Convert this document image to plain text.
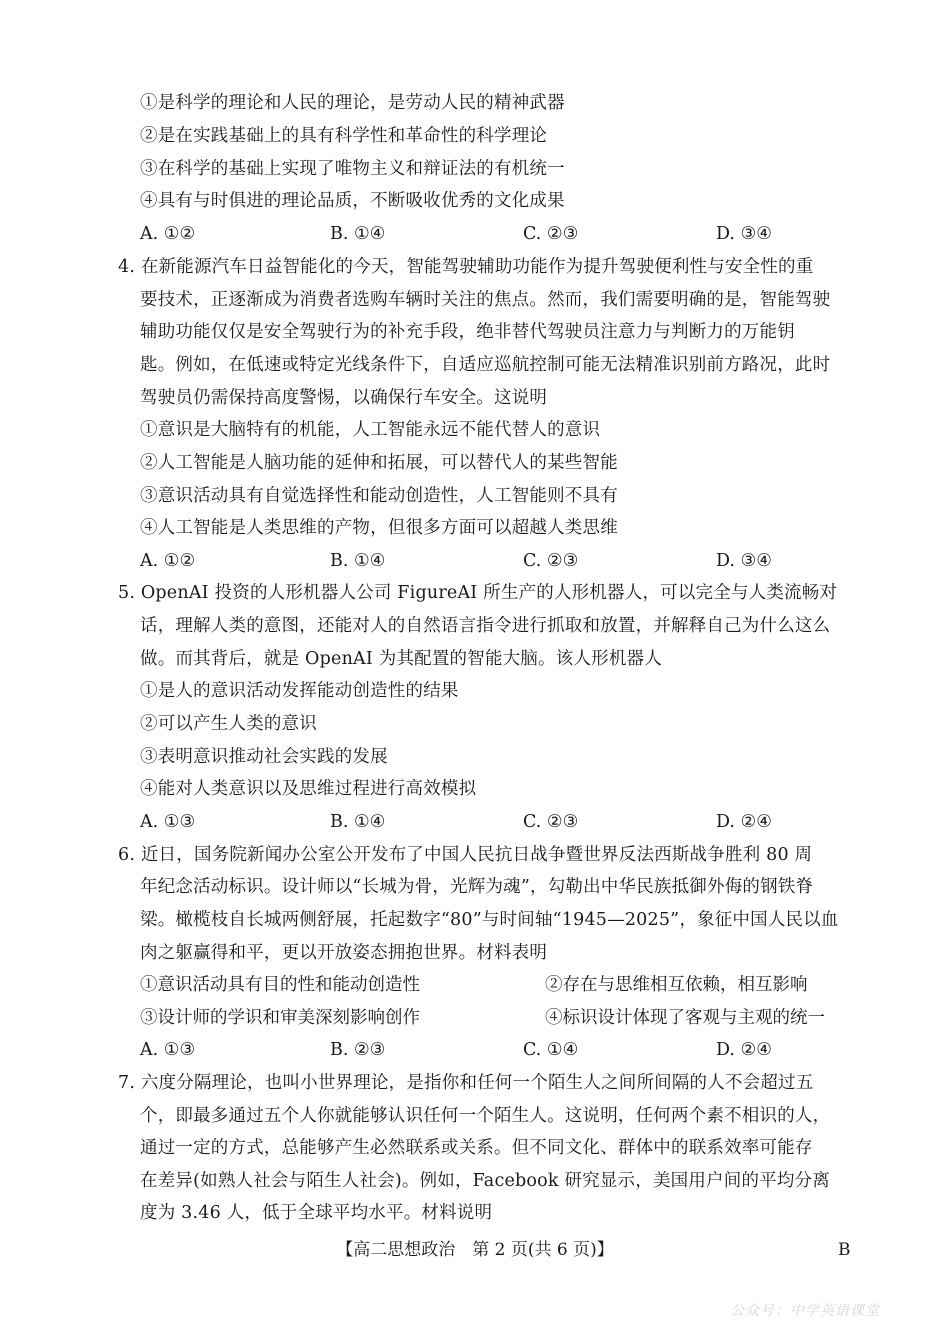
①是科学的理论和人民的理论，是劳动人民的精神武器
②是在实践基础上的具有科学性和革命性的科学理论
③在科学的基础上实现了唯物主义和辩证法的有机统一
④具有与时俱进的理论品质，不断吸收优秀的文化成果
A. ①②	B. ①④	C. ②③	D. ③④
4. 在新能源汽车日益智能化的今天，智能驾驶辅助功能作为提升驾驶便利性与安全性的重
要技术，正逐渐成为消费者选购车辆时关注的焦点。然而，我们需要明确的是，智能驾驶
辅助功能仅仅是安全驾驶行为的补充手段，绝非替代驾驶员注意力与判断力的万能钥
匙。例如，在低速或特定光线条件下，自适应巡航控制可能无法精准识别前方路况，此时
驾驶员仍需保持高度警惕，以确保行车安全。这说明
①意识是大脑特有的机能，人工智能永远不能代替人的意识
②人工智能是人脑功能的延伸和拓展，可以替代人的某些智能
③意识活动具有自觉选择性和能动创造性，人工智能则不具有
④人工智能是人类思维的产物，但很多方面可以超越人类思维
A. ①②	B. ①④	C. ②③	D. ③④
5. OpenAI 投资的人形机器人公司 FigureAI 所生产的人形机器人，可以完全与人类流畅对
话，理解人类的意图，还能对人的自然语言指令进行抓取和放置，并解释自己为什么这么
做。而其背后，就是 OpenAI 为其配置的智能大脑。该人形机器人
①是人的意识活动发挥能动创造性的结果
②可以产生人类的意识
③表明意识推动社会实践的发展
④能对人类意识以及思维过程进行高效模拟
A. ①③	B. ①④	C. ②③	D. ②④
6. 近日，国务院新闻办公室公开发布了中国人民抗日战争暨世界反法西斯战争胜利 80 周
年纪念活动标识。设计师以“长城为骨，光辉为魂”，勾勒出中华民族抵御外侮的钢铁脊
梁。橄榄枝自长城两侧舒展，托起数字“80”与时间轴“1945—2025”，象征中国人民以血
肉之躯赢得和平，更以开放姿态拥抱世界。材料表明
①意识活动具有目的性和能动创造性	②存在与思维相互依赖，相互影响
③设计师的学识和审美深刻影响创作	④标识设计体现了客观与主观的统一
A. ①③	B. ②③	C. ①④	D. ②④
7. 六度分隔理论，也叫小世界理论，是指你和任何一个陌生人之间所间隔的人不会超过五
个，即最多通过五个人你就能够认识任何一个陌生人。这说明，任何两个素不相识的人，
通过一定的方式，总能够产生必然联系或关系。但不同文化、群体中的联系效率可能存
在差异(如熟人社会与陌生人社会)。例如，Facebook 研究显示，美国用户间的平均分离
度为 3.46 人，低于全球平均水平。材料说明
【高二思想政治　第 2 页(共 6 页)】	B
公众号：中学英语课堂
